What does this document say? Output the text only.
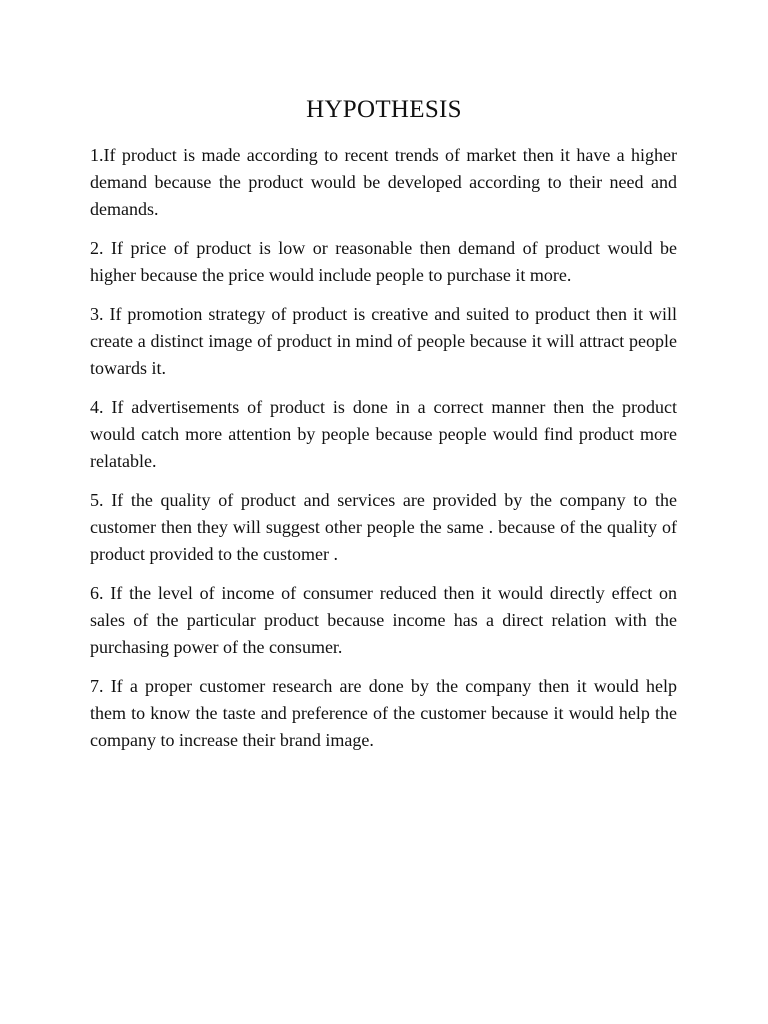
HYPOTHESIS

1.If product is made according to recent trends of market then it have a higher demand because the product would be developed according to their need and demands.

2. If price of product is low or reasonable then demand of product would be higher because the price would include people to purchase it more.

3. If promotion strategy of product is creative and suited to product then it will create a distinct image of product in mind of people because it will attract people towards it.

4. If advertisements of product is done in a correct manner then the product would catch more attention by people because people would find product more relatable.

5. If the quality of product and services are provided by the company to the customer then they will suggest other people the same . because of the quality of product provided to the customer .

6. If the level of income of consumer reduced then it would directly effect on sales of the particular product because income has a direct relation with the purchasing power of the consumer.

7. If a proper customer research are done by the company then it would help them to know the taste and preference of the customer because it would help the company to increase their brand image.
